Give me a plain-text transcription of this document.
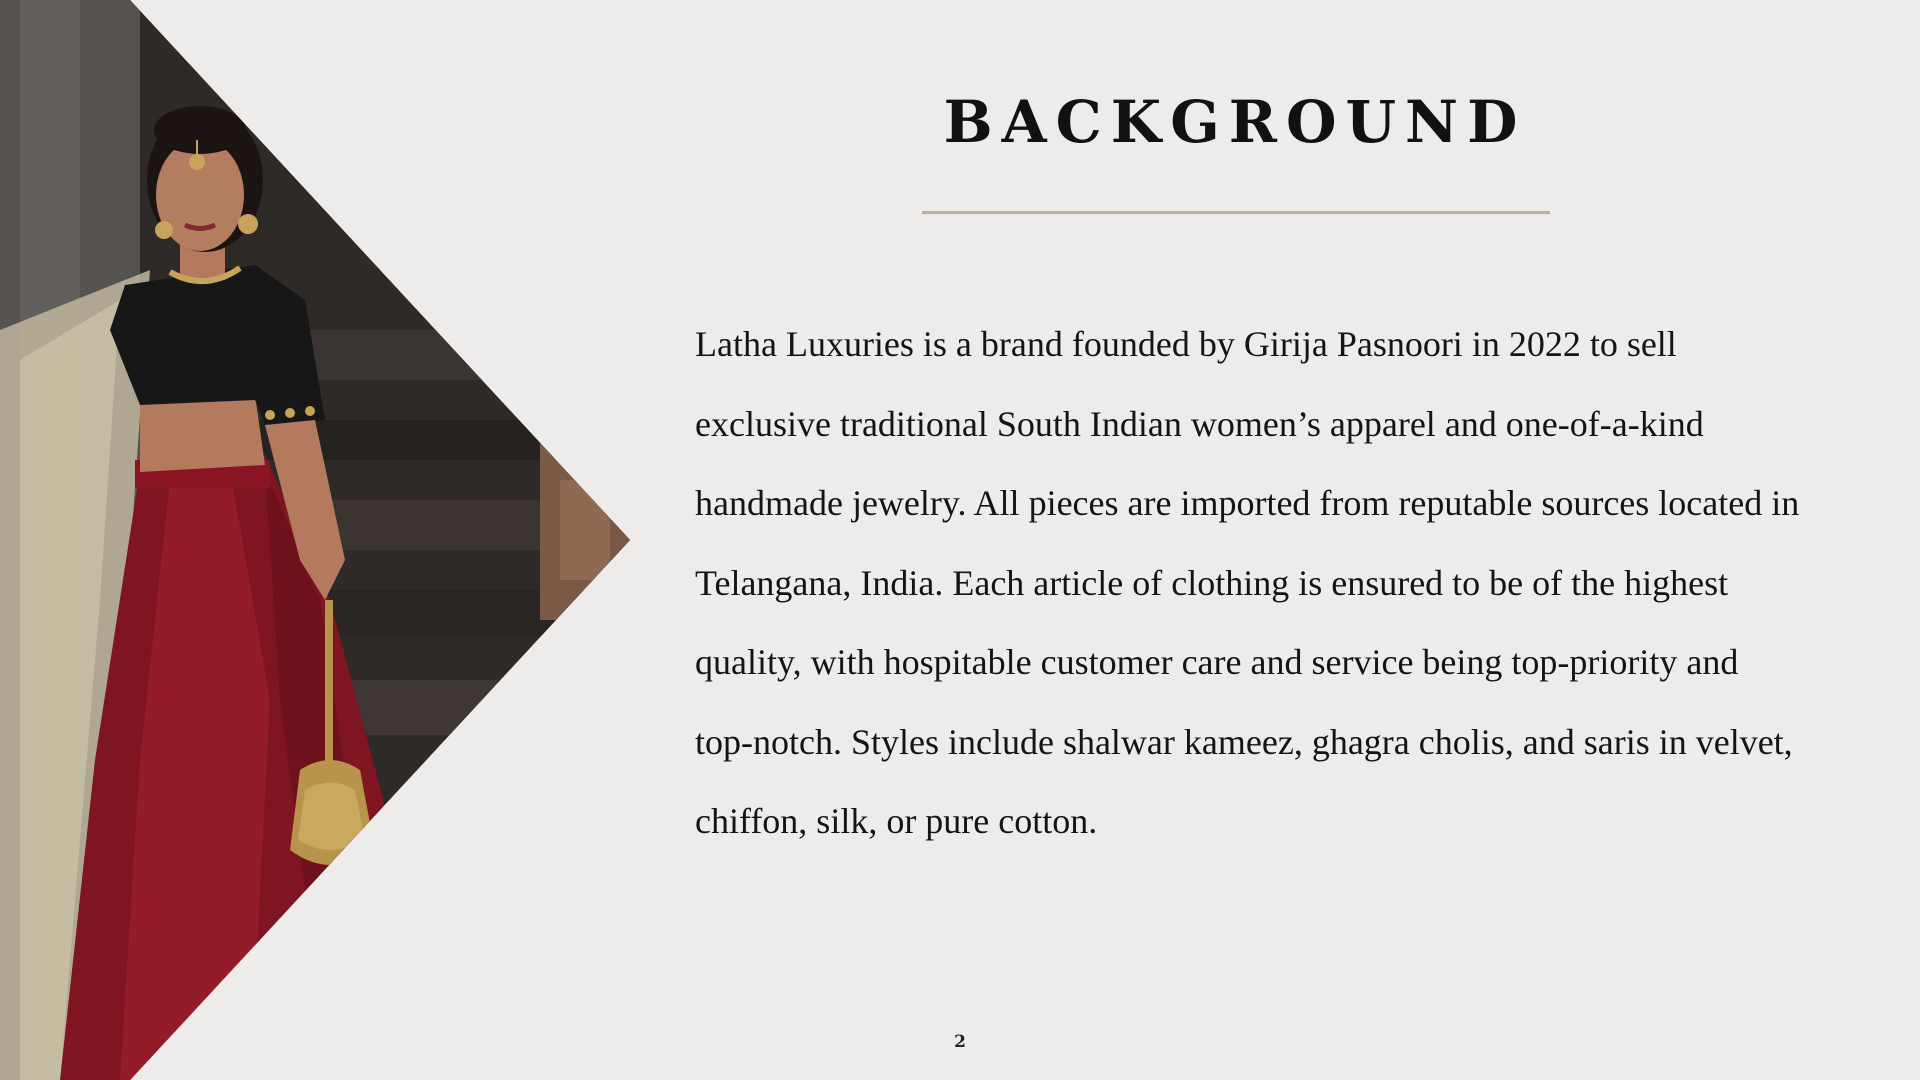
BACKGROUND

Latha Luxuries is a brand founded by Girija Pasnoori in 2022 to sell exclusive traditional South Indian women’s apparel and one-of-a-kind handmade jewelry. All pieces are imported from reputable sources located in Telangana, India. Each article of clothing is ensured to be of the highest quality, with hospitable customer care and service being top-priority and top-notch. Styles include shalwar kameez, ghagra cholis, and saris in velvet, chiffon, silk, or pure cotton.

2
